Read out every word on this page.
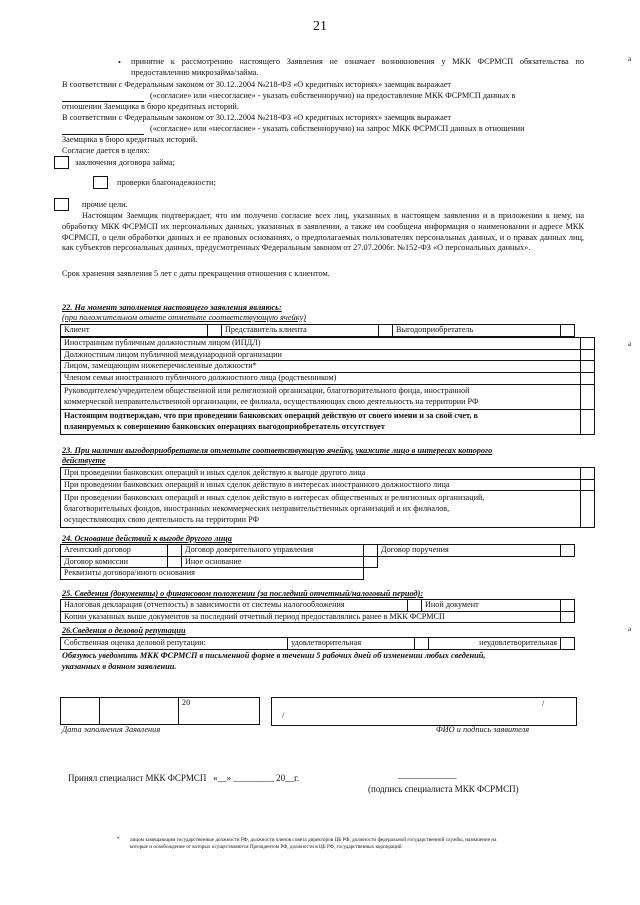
21
• принятие к рассмотрению настоящего Заявления не означает возникновения у МКК ФСРМСП обязательства по предоставлению микрозайма/займа.
В соответствии с Федеральным законом от 30.12..2004 №218-ФЗ «О кредитных историях» заемщик выражает
(«согласие» или «несогласие» - указать собственноручно) на предоставление МКК ФСРМСП данных в
отношении Заемщика в бюро кредитных историй.
В соответствии с Федеральным законом от 30.12..2004 №218-ФЗ «О кредитных историях» заемщик выражает
(«согласие» или «несогласие» - указать собственноручно) на запрос МКК ФСРМСП данных в отношении
Заемщика в бюро кредитных историй.
Согласие дается в целях:
заключения договора займа;
проверки благонадежности;
прочие цели.
Настоящим Заемщик подтверждает, что им получено согласие всех лиц, указанных в настоящем заявлении и в приложении к нему, на обработку МКК ФСРМСП их персональных данных, указанных в заявлении, а также им сообщена информация о наименовании и адресе МКК ФСРМСП, о цели обработки данных и ее правовых основаниях, о предполагаемых пользователях персональных данных, и о правах данных лиц, как субъектов персональных данных, предусмотренных Федеральным законом от 27.07.2006г. №152-ФЗ «О персональных данных».
Срок хранения заявления 5 лет с даты прекращения отношения с клиентом.
22. На момент заполнения настоящего заявления являюсь:
(при положительном ответе отметьте соответствующую ячейку)
Клиент		Представитель клиента		Выгодоприобретатель	
Иностранным публичным должностным лицом (ИПДЛ)	
Должностным лицом публичной международной организации	
Лицом, замещающим нижеперечисленные должности*	
Членом семьи иностранного публичного должностного лица (родственником)	
Руководителем/учредителем общественной или религиозной организации, благотворительного фонда, иностранной
коммерческой неправительственной организации, ее филиала, осуществляющих свою деятельность на территории РФ	
Настоящим подтверждаю, что при проведении банковских операций действую от своего имени и за свой счет, в
планируемых к совершению банковских операциях выгодоприобретатель отсутствует	
23. При наличии выгодоприобретателя отметьте соответствующую ячейку, укажите лицо в интересах которого
действуете
При проведении банковских операций и иных сделок действую к выгоде другого лица	
При проведении банковских операций и иных сделок действую в интересах иностранного должностного лица	
При проведении банковских операций и иных сделок действую в интересах общественных и религиозных организаций,
благотворительных фондов, иностранных некоммерческих неправительственных организаций и их филиалов,
осуществляющих свою деятельность на территории РФ	
24. Основание действий к выгоде другого лица
Агентский договор		Договор доверительного управления		Договор поручения	
Договор комиссии		Иное основание			
Реквизиты договора/иного основания					
25. Сведения (документы) о финансовом положении (за последний отчетный/налоговый период):
Налоговая декларация (отчетность) в зависимости от системы налогообложения		Иной документ	
Копии указанных выше документов за последний отчетный период предоставлялись ранее в МКК ФСРМСП			
26.Сведения о деловой репутации
Собственная оценка деловой репутации:	удовлетворительная		неудовлетворительная	
Обязуюсь уведомить МКК ФСРМСП в письменной форме в течении 5 рабочих дней об изменении любых сведений,
указанных в данном заявлении.
		20
/
/
Дата заполнения Заявления	ФИО и подпись заявителя
Принял специалист МКК ФСРМСП   «__» _________ 20__г.	_____________
(подпись специалиста МКК ФСРМСП)
• лицом замещающим государственные должности РФ, должности членов совета директоров ЦБ РФ, должности федеральной государственной службы, назначение на
которые и освобождение от которых осуществляются Президентом РФ, должности в ЦБ РФ, государственных корпораций
а
а
а
